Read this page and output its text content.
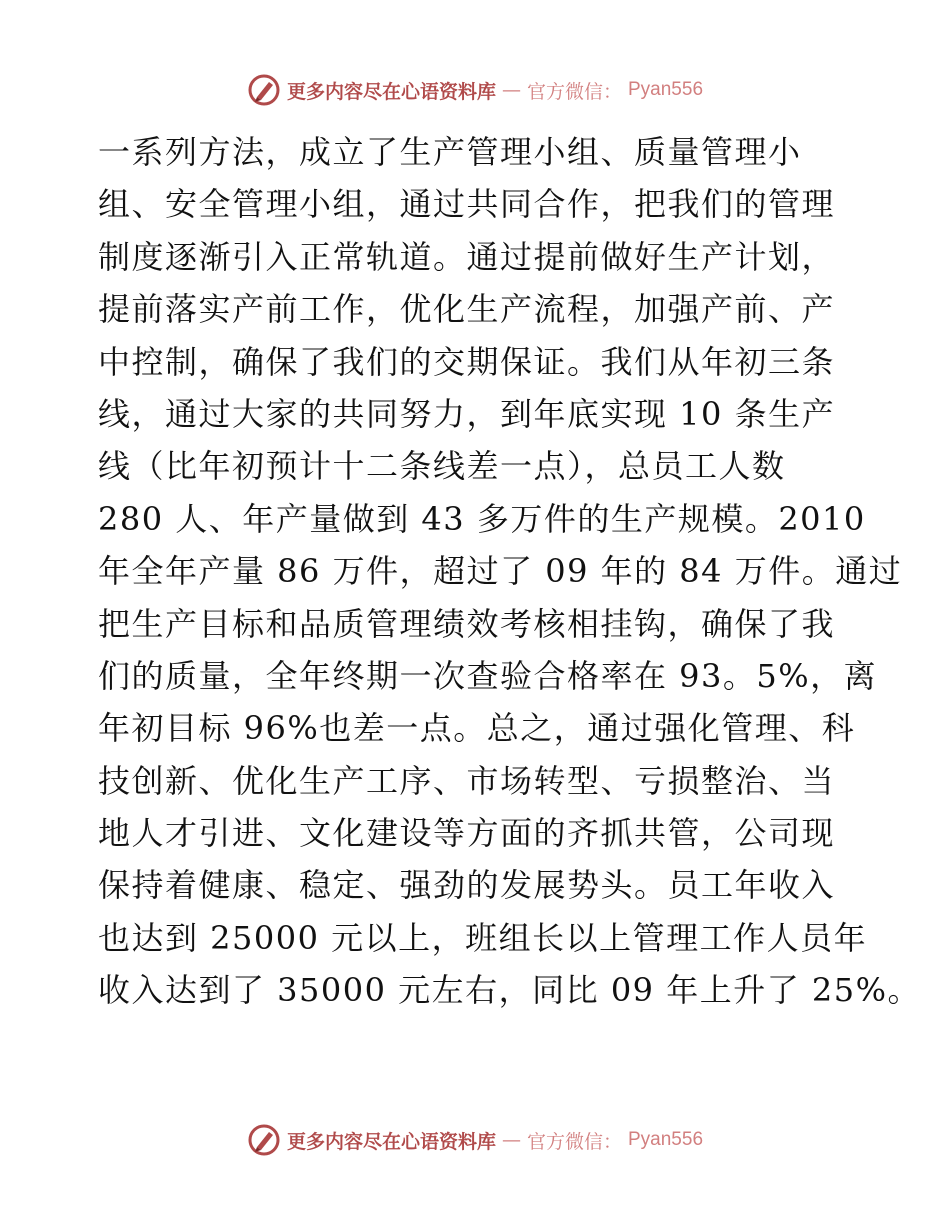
更多内容尽在心语资料库 — 官方微信： Pyan556
一系列方法，成立了生产管理小组、质量管理小
组、安全管理小组，通过共同合作，把我们的管理
制度逐渐引入正常轨道。通过提前做好生产计划，
提前落实产前工作，优化生产流程，加强产前、产
中控制，确保了我们的交期保证。我们从年初三条
线，通过大家的共同努力，到年底实现 10 条生产
线（比年初预计十二条线差一点），总员工人数
280 人、年产量做到 43 多万件的生产规模。2010
年全年产量 86 万件，超过了 09 年的 84 万件。通过
把生产目标和品质管理绩效考核相挂钩，确保了我
们的质量，全年终期一次查验合格率在 93。5%，离
年初目标 96%也差一点。总之，通过强化管理、科
技创新、优化生产工序、市场转型、亏损整治、当
地人才引进、文化建设等方面的齐抓共管，公司现
保持着健康、稳定、强劲的发展势头。员工年收入
也达到 25000 元以上，班组长以上管理工作人员年
收入达到了 35000 元左右，同比 09 年上升了 25%。
更多内容尽在心语资料库 — 官方微信： Pyan556
